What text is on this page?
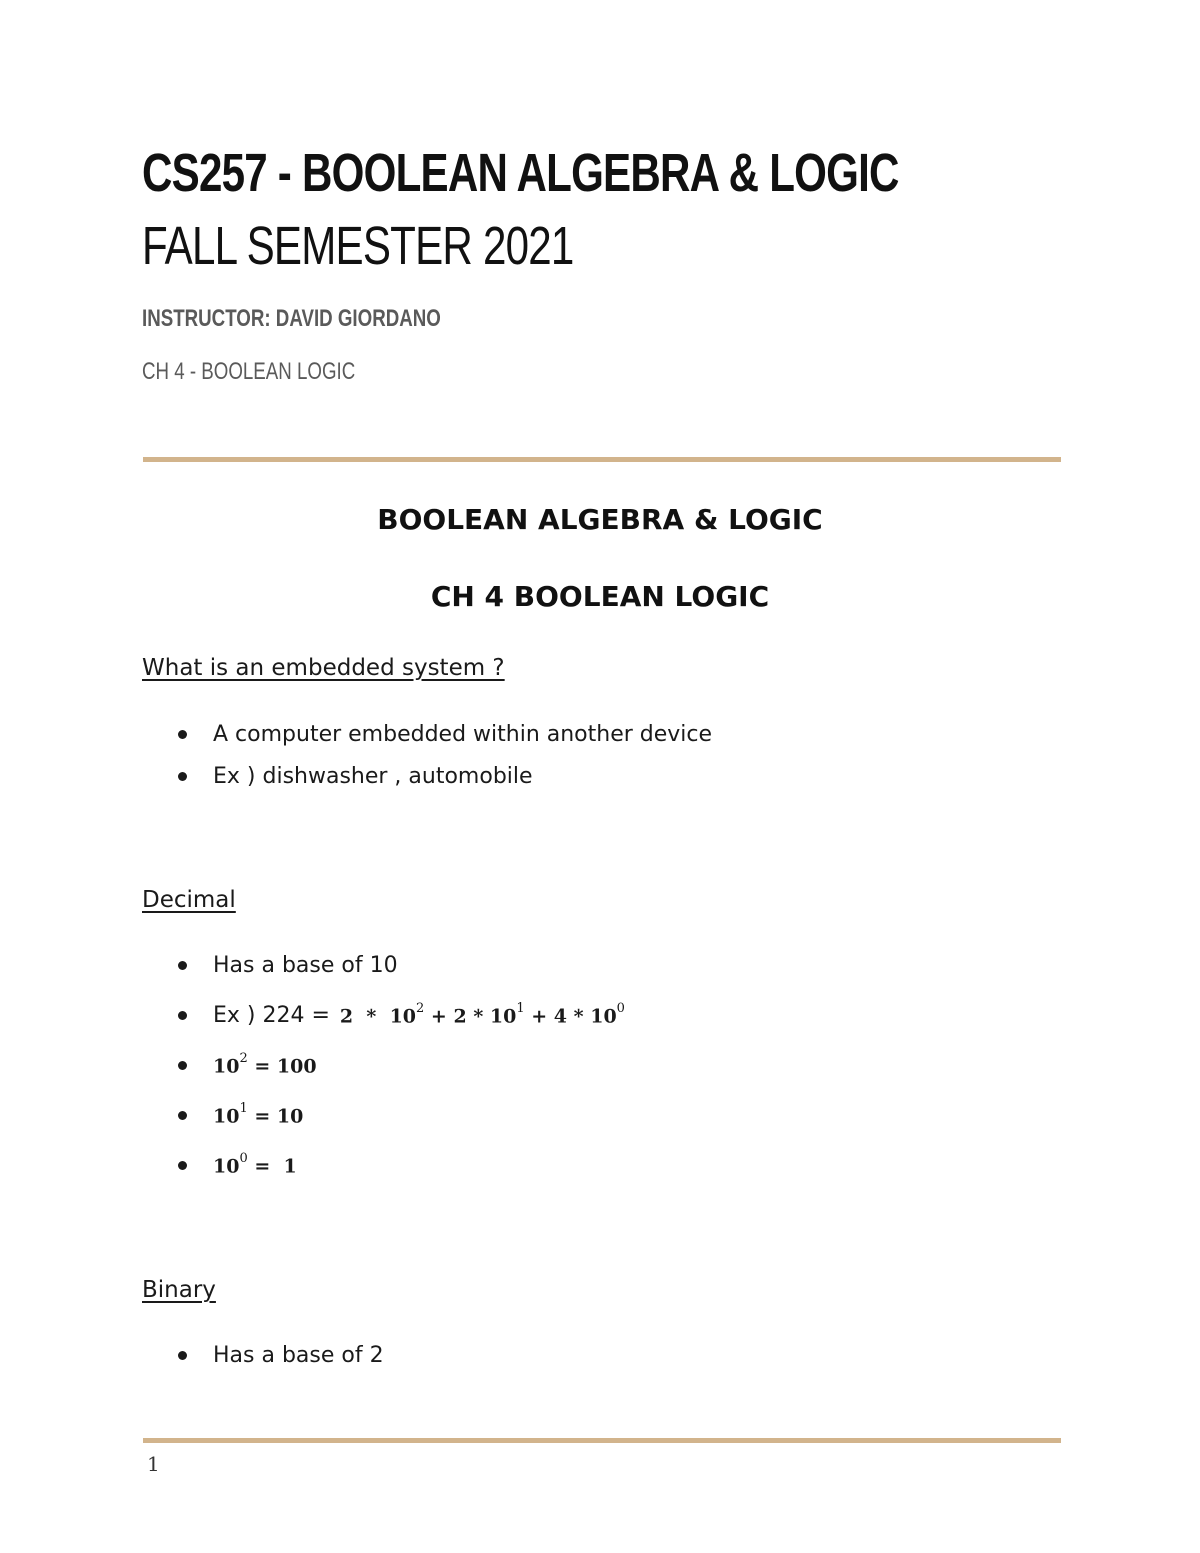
CS257 - BOOLEAN ALGEBRA & LOGIC
FALL SEMESTER 2021
INSTRUCTOR: DAVID GIORDANO
CH 4 - BOOLEAN LOGIC
BOOLEAN ALGEBRA & LOGIC
CH 4 BOOLEAN LOGIC
What is an embedded system ?
A computer embedded within another device
Ex ) dishwasher , automobile
Decimal
Has a base of 10
Ex ) $224 = 2 * 10^2 + 2 * 10^1 + 4 * 10^0$
$10^2 = 100$
$10^1 = 10$
$10^0 = 1$
Binary
Has a base of 2
1
